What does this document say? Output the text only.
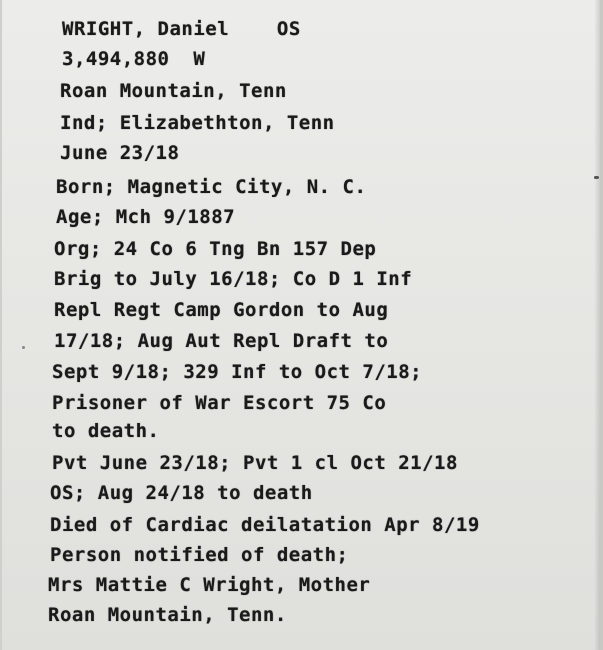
WRIGHT, Daniel    OS
3,494,880  W
Roan Mountain, Tenn
Ind; Elizabethton, Tenn
June 23/18
Born; Magnetic City, N. C.
Age; Mch 9/1887
Org; 24 Co 6 Tng Bn 157 Dep
Brig to July 16/18; Co D 1 Inf
Repl Regt Camp Gordon to Aug
17/18; Aug Aut Repl Draft to
Sept 9/18; 329 Inf to Oct 7/18;
Prisoner of War Escort 75 Co
to death.
Pvt June 23/18; Pvt 1 cl Oct 21/18
OS; Aug 24/18 to death
Died of Cardiac deilatation Apr 8/19
Person notified of death;
Mrs Mattie C Wright, Mother
Roan Mountain, Tenn.
